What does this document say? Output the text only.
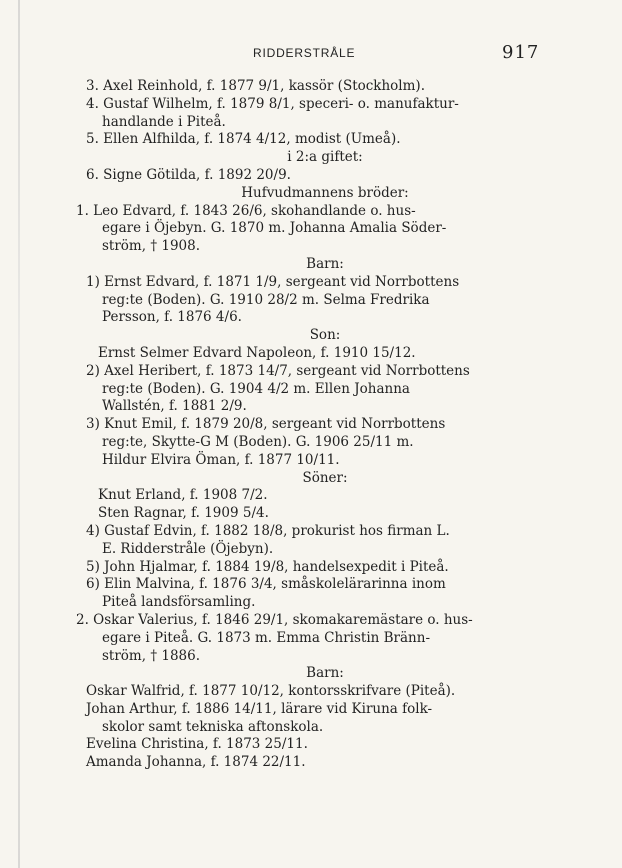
RIDDERSTRÅLE	917
3. Axel Reinhold, f. 1877 9/1, kassör (Stockholm).
4. Gustaf Wilhelm, f. 1879 8/1, speceri- o. manufaktur-
handlande i Piteå.
5. Ellen Alfhilda, f. 1874 4/12, modist (Umeå).
i 2:a giftet:
6. Signe Götilda, f. 1892 20/9.
Hufvudmannens bröder:
1. Leo Edvard, f. 1843 26/6, skohandlande o. hus-
egare i Öjebyn. G. 1870 m. Johanna Amalia Söder-
ström, † 1908.
Barn:
1) Ernst Edvard, f. 1871 1/9, sergeant vid Norrbottens
reg:te (Boden). G. 1910 28/2 m. Selma Fredrika
Persson, f. 1876 4/6.
Son:
Ernst Selmer Edvard Napoleon, f. 1910 15/12.
2) Axel Heribert, f. 1873 14/7, sergeant vid Norrbottens
reg:te (Boden). G. 1904 4/2 m. Ellen Johanna
Wallstén, f. 1881 2/9.
3) Knut Emil, f. 1879 20/8, sergeant vid Norrbottens
reg:te, Skytte-G M (Boden). G. 1906 25/11 m.
Hildur Elvira Öman, f. 1877 10/11.
Söner:
Knut Erland, f. 1908 7/2.
Sten Ragnar, f. 1909 5/4.
4) Gustaf Edvin, f. 1882 18/8, prokurist hos firman L.
E. Ridderstråle (Öjebyn).
5) John Hjalmar, f. 1884 19/8, handelsexpedit i Piteå.
6) Elin Malvina, f. 1876 3/4, småskolelärarinna inom
Piteå landsförsamling.
2. Oskar Valerius, f. 1846 29/1, skomakaremästare o. hus-
egare i Piteå. G. 1873 m. Emma Christin Bränn-
ström, † 1886.
Barn:
Oskar Walfrid, f. 1877 10/12, kontorsskrifvare (Piteå).
Johan Arthur, f. 1886 14/11, lärare vid Kiruna folk-
skolor samt tekniska aftonskola.
Evelina Christina, f. 1873 25/11.
Amanda Johanna, f. 1874 22/11.
